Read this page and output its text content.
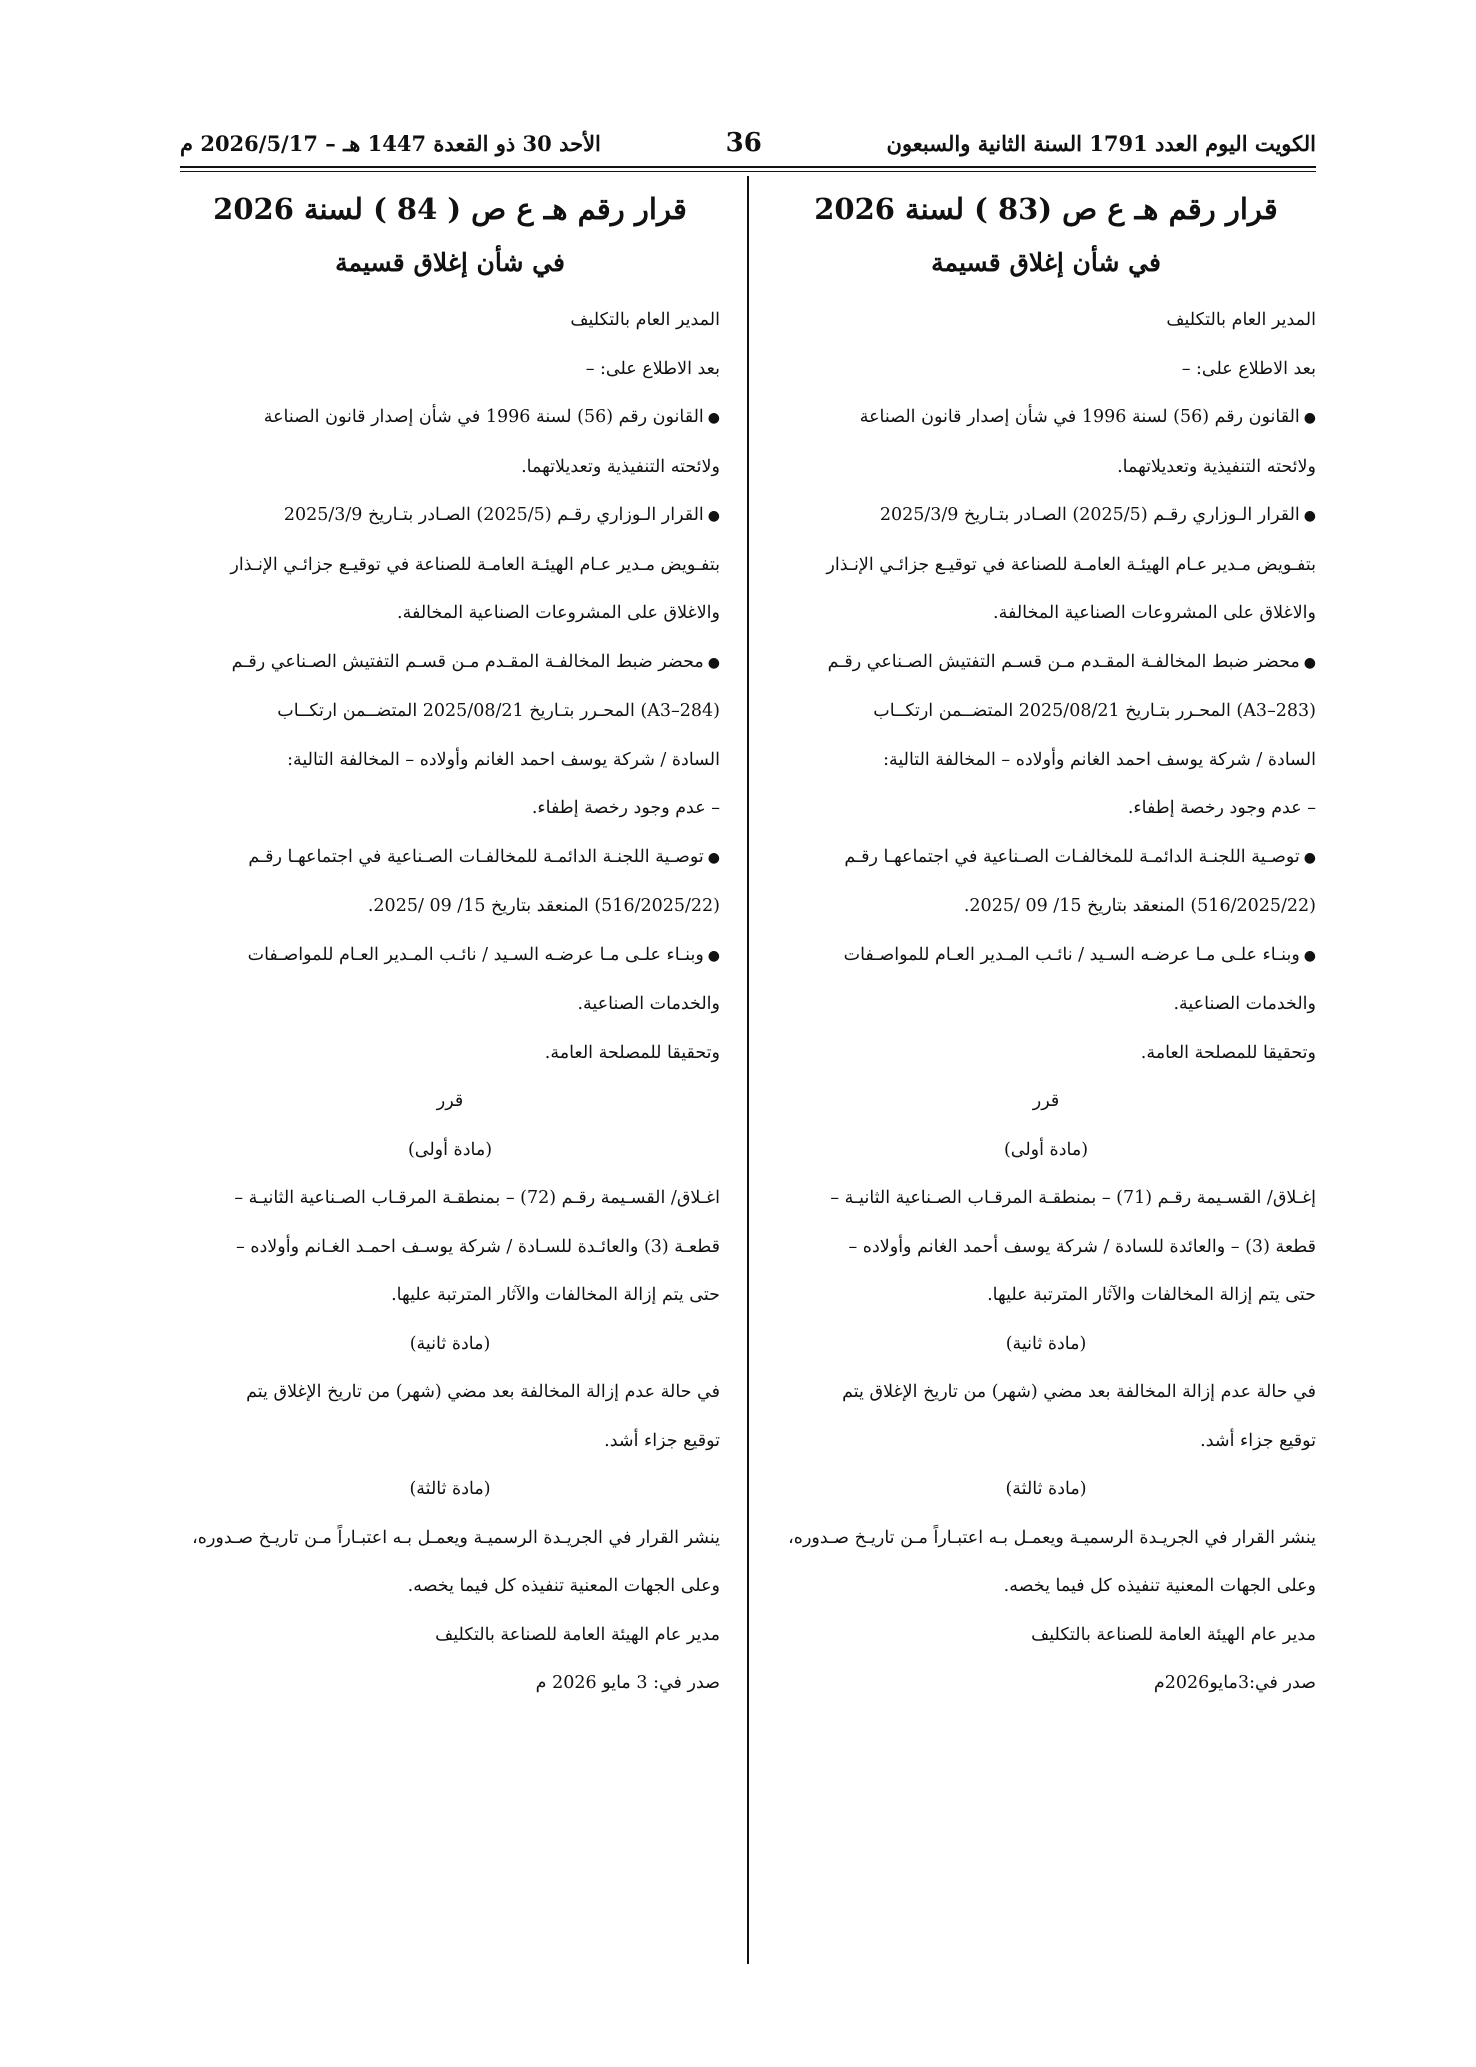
الكويت اليوم العدد 1791 السنة الثانية والسبعون
36
الأحد 30 ذو القعدة 1447 هـ – 2026/5/17 م

قرار رقم هـ ع ص (83 ) لسنة 2026

في شأن إغلاق قسيمة

المدير العام بالتكليف

بعد الاطلاع على: –

●القانون رقم (56) لسنة 1996 في شأن إصدار قانون الصناعة

ولائحته التنفيذية وتعديلاتهما.

●القرار الـوزاري رقـم (2025/5) الصـادر بتـاريخ 2025/3/9

بتفـويض مـدير عـام الهيئـة العامـة للصناعة في توقيـع جزائـي الإنـذار

والاغلاق على المشروعات الصناعية المخالفة.

●محضر ضبط المخالفـة المقـدم مـن قسـم التفتيش الصـناعي رقـم

(A3–283) المحـرر بتـاريخ 2025/08/21 المتضــمن ارتكــاب

السادة / شركة يوسف احمد الغانم وأولاده – المخالفة التالية:

– عدم وجود رخصة إطفاء.

●توصـية اللجنـة الدائمـة للمخالفـات الصـناعية في اجتماعهـا رقـم

(516/2025/22) المنعقد بتاريخ 15/ 09 /2025.

●وبنـاء علـى مـا عرضـه السـيد / نائـب المـدير العـام للمواصـفات

والخدمات الصناعية.

وتحقيقا للمصلحة العامة.

قرر

(مادة أولى)

إغـلاق/ القسـيمة رقـم (71) – بمنطقـة المرقـاب الصـناعية الثانيـة –

قطعة (3) – والعائدة للسادة / شركة يوسف أحمد الغانم وأولاده –

حتى يتم إزالة المخالفات والآثار المترتبة عليها.

(مادة ثانية)

في حالة عدم إزالة المخالفة بعد مضي (شهر) من تاريخ الإغلاق يتم

توقيع جزاء أشد.

(مادة ثالثة)

ينشر القرار في الجريـدة الرسميـة ويعمـل بـه اعتبـاراً مـن تاريـخ صـدوره،

وعلى الجهات المعنية تنفيذه كل فيما يخصه.

مدير عام الهيئة العامة للصناعة بالتكليف

صدر في:3مايو2026م

قرار رقم هـ ع ص ( 84 ) لسنة 2026

في شأن إغلاق قسيمة

المدير العام بالتكليف

بعد الاطلاع على: –

●القانون رقم (56) لسنة 1996 في شأن إصدار قانون الصناعة

ولائحته التنفيذية وتعديلاتهما.

●القرار الـوزاري رقـم (2025/5) الصـادر بتـاريخ 2025/3/9

بتفـويض مـدير عـام الهيئـة العامـة للصناعة في توقيـع جزائـي الإنـذار

والاغلاق على المشروعات الصناعية المخالفة.

●محضر ضبط المخالفـة المقـدم مـن قسـم التفتيش الصـناعي رقـم

(A3–284) المحـرر بتـاريخ 2025/08/21 المتضــمن ارتكــاب

السادة / شركة يوسف احمد الغانم وأولاده – المخالفة التالية:

– عدم وجود رخصة إطفاء.

●توصـية اللجنـة الدائمـة للمخالفـات الصـناعية في اجتماعهـا رقـم

(516/2025/22) المنعقد بتاريخ 15/ 09 /2025.

●وبنـاء علـى مـا عرضـه السـيد / نائـب المـدير العـام للمواصـفات

والخدمات الصناعية.

وتحقيقا للمصلحة العامة.

قرر

(مادة أولى)

اغـلاق/ القسـيمة رقـم (72) – بمنطقـة المرقـاب الصـناعية الثانيـة –

قطعـة (3) والعائـدة للسـادة / شركة يوسـف احمـد الغـانم وأولاده –

حتى يتم إزالة المخالفات والآثار المترتبة عليها.

(مادة ثانية)

في حالة عدم إزالة المخالفة بعد مضي (شهر) من تاريخ الإغلاق يتم

توقيع جزاء أشد.

(مادة ثالثة)

ينشر القرار في الجريـدة الرسميـة ويعمـل بـه اعتبـاراً مـن تاريـخ صـدوره،

وعلى الجهات المعنية تنفيذه كل فيما يخصه.

مدير عام الهيئة العامة للصناعة بالتكليف

صدر في: 3 مايو 2026 م
